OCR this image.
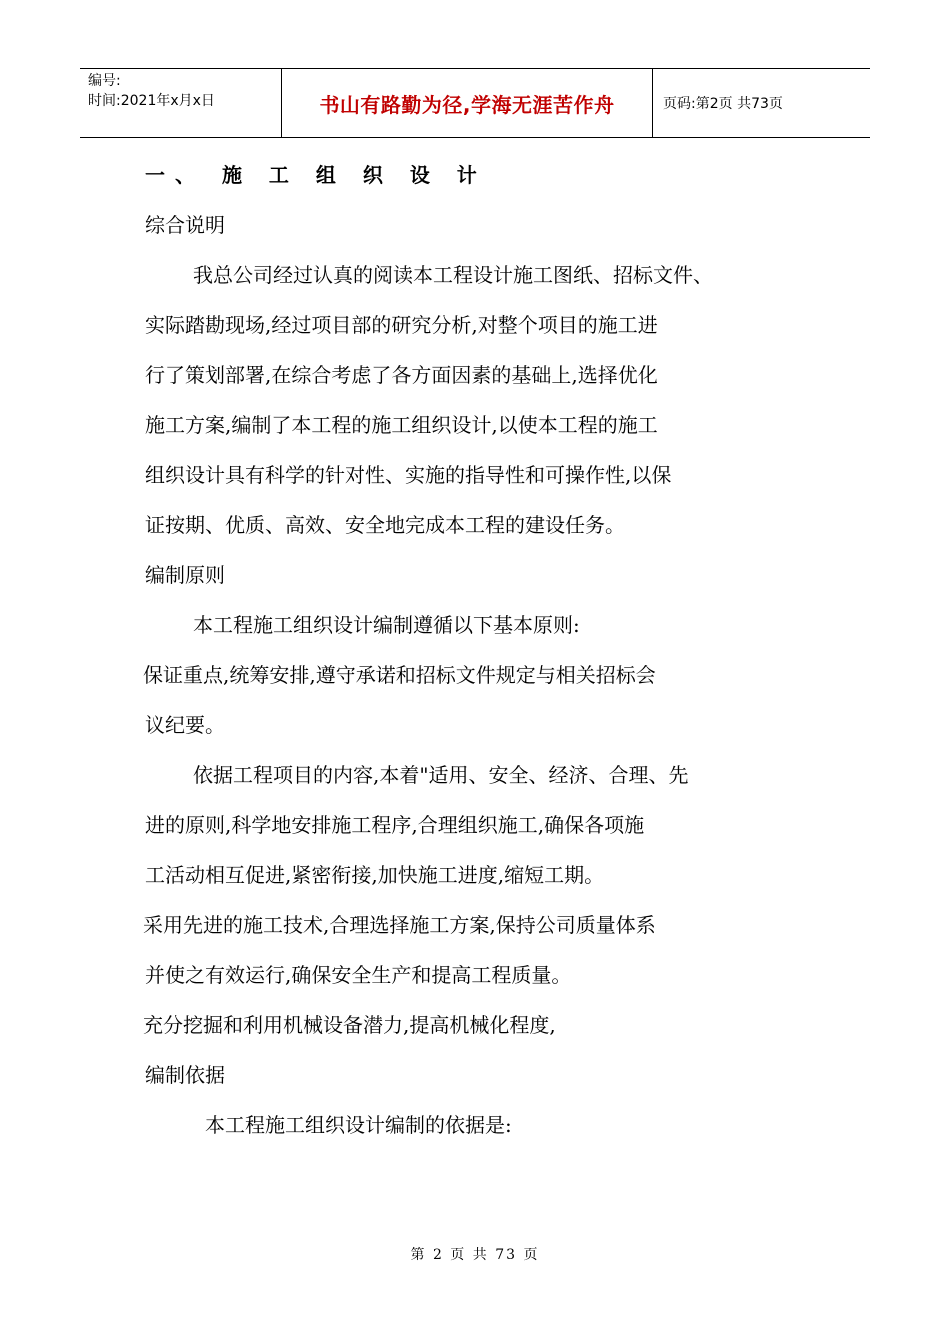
编号:
时间:2021年x月x日	书山有路勤为径,学海无涯苦作舟	页码:第2页 共73页
一、 施 工 组 织 设 计
综合说明
我总公司经过认真的阅读本工程设计施工图纸、招标文件、
实际踏勘现场,经过项目部的研究分析,对整个项目的施工进
行了策划部署,在综合考虑了各方面因素的基础上,选择优化
施工方案,编制了本工程的施工组织设计,以使本工程的施工
组织设计具有科学的针对性、实施的指导性和可操作性,以保
证按期、优质、高效、安全地完成本工程的建设任务。
编制原则
本工程施工组织设计编制遵循以下基本原则:
保证重点,统筹安排,遵守承诺和招标文件规定与相关招标会
议纪要。
依据工程项目的内容,本着"适用、安全、经济、合理、先
进的原则,科学地安排施工程序,合理组织施工,确保各项施
工活动相互促进,紧密衔接,加快施工进度,缩短工期。
采用先进的施工技术,合理选择施工方案,保持公司质量体系
并使之有效运行,确保安全生产和提高工程质量。
充分挖掘和利用机械设备潜力,提高机械化程度,
编制依据
本工程施工组织设计编制的依据是:
第 2 页 共 73 页
